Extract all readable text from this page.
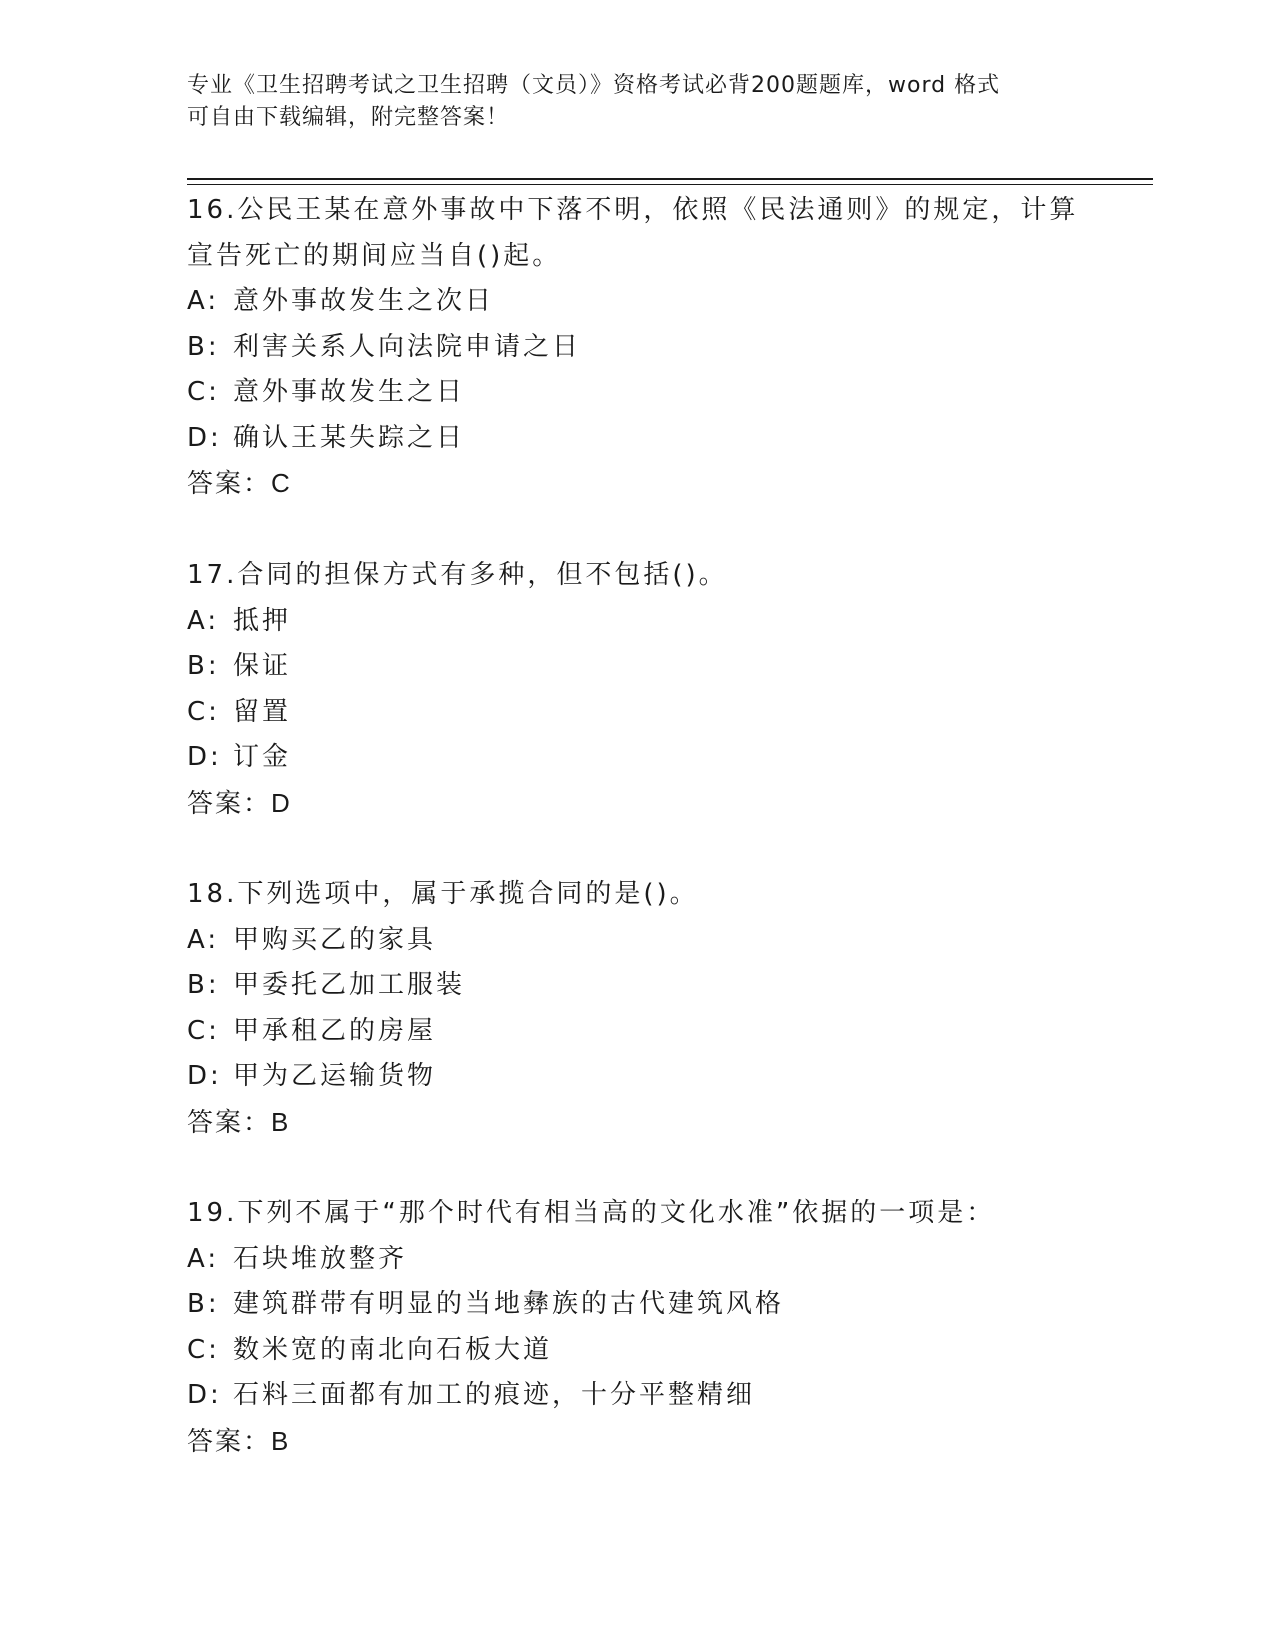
专业《卫生招聘考试之卫生招聘（文员）》资格考试必背200题题库，word 格式
可自由下载编辑，附完整答案！
16.公民王某在意外事故中下落不明，依照《民法通则》的规定，计算
宣告死亡的期间应当自()起。
A: 意外事故发生之次日
B: 利害关系人向法院申请之日
C: 意外事故发生之日
D: 确认王某失踪之日
答案：C
17.合同的担保方式有多种，但不包括()。
A: 抵押
B: 保证
C: 留置
D: 订金
答案：D
18.下列选项中，属于承揽合同的是()。
A: 甲购买乙的家具
B: 甲委托乙加工服装
C: 甲承租乙的房屋
D: 甲为乙运输货物
答案：B
19.下列不属于“那个时代有相当高的文化水准”依据的一项是：
A: 石块堆放整齐
B: 建筑群带有明显的当地彝族的古代建筑风格
C: 数米宽的南北向石板大道
D: 石料三面都有加工的痕迹，十分平整精细
答案：B
